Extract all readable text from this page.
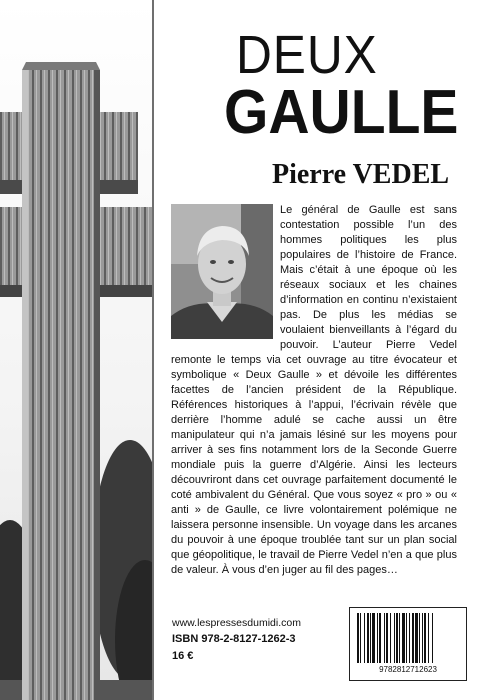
DEUX
GAULLE
Pierre VEDEL

Le général de Gaulle est sans contestation possible l’un des hommes politiques les plus populaires de l’histoire de France. Mais c’était à une époque où les réseaux sociaux et les chaines d’information en continu n’existaient pas. De plus les médias se voulaient bienveillants à l’égard du pouvoir. L’auteur Pierre Vedel remonte le temps via cet ouvrage au titre évocateur et symbolique « Deux Gaulle » et dévoile les différentes facettes de l’ancien président de la République. Références historiques à l’appui, l’écrivain révèle que derrière l’homme adulé se cache aussi un être manipulateur qui n’a jamais lésiné sur les moyens pour arriver à ses fins notamment lors de la Seconde Guerre mondiale puis la guerre d’Algérie. Ainsi les lecteurs découvriront dans cet ouvrage parfaitement documenté le coté ambivalent du Général. Que vous soyez « pro » ou « anti » de Gaulle, ce livre volontairement polémique ne laissera personne insensible. Un voyage dans les arcanes du pouvoir à une époque troublée tant sur un plan social que géopolitique, le travail de Pierre Vedel n’en a que plus de valeur. À vous d’en juger au fil des pages…

www.lespressesdumidi.com
ISBN 978-2-8127-1262-3
16 €
9782812712623
